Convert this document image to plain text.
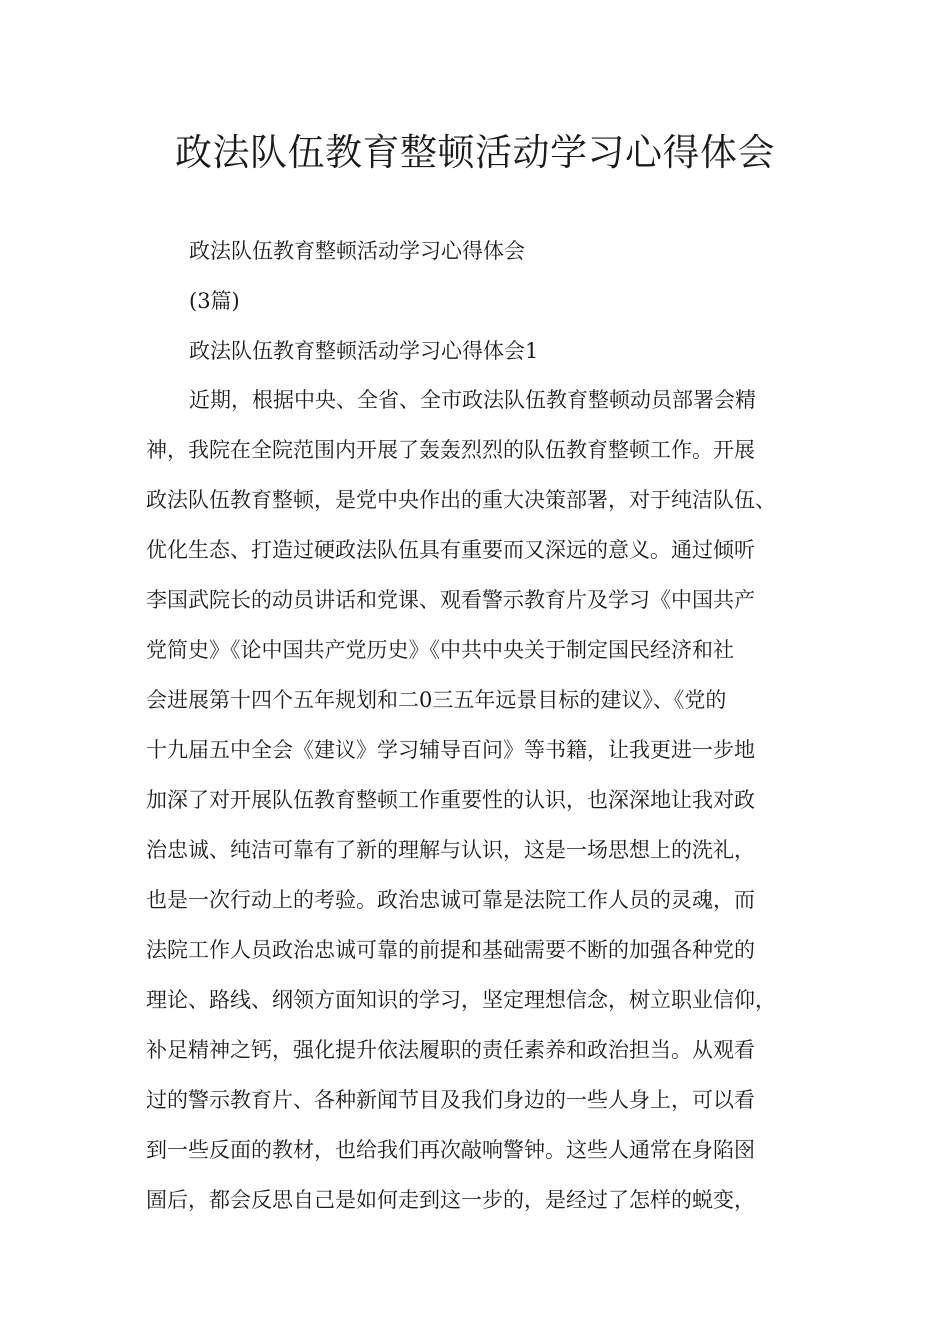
政法队伍教育整顿活动学习心得体会

政法队伍教育整顿活动学习心得体会

(3篇)

政法队伍教育整顿活动学习心得体会1

近期，根据中央、全省、全市政法队伍教育整顿动员部署会精

神，我院在全院范围内开展了轰轰烈烈的队伍教育整顿工作。开展

政法队伍教育整顿，是党中央作出的重大决策部署，对于纯洁队伍、

优化生态、打造过硬政法队伍具有重要而又深远的意义。通过倾听

李国武院长的动员讲话和党课、观看警示教育片及学习《中国共产

党简史》《论中国共产党历史》《中共中央关于制定国民经济和社

会进展第十四个五年规划和二0三五年远景目标的建议》、《党的

十九届五中全会《建议》学习辅导百问》等书籍，让我更进一步地

加深了对开展队伍教育整顿工作重要性的认识，也深深地让我对政

治忠诚、纯洁可靠有了新的理解与认识，这是一场思想上的洗礼，

也是一次行动上的考验。政治忠诚可靠是法院工作人员的灵魂，而

法院工作人员政治忠诚可靠的前提和基础需要不断的加强各种党的

理论、路线、纲领方面知识的学习，坚定理想信念，树立职业信仰，

补足精神之钙，强化提升依法履职的责任素养和政治担当。从观看

过的警示教育片、各种新闻节目及我们身边的一些人身上，可以看

到一些反面的教材，也给我们再次敲响警钟。这些人通常在身陷囹

圄后，都会反思自己是如何走到这一步的，是经过了怎样的蜕变，
